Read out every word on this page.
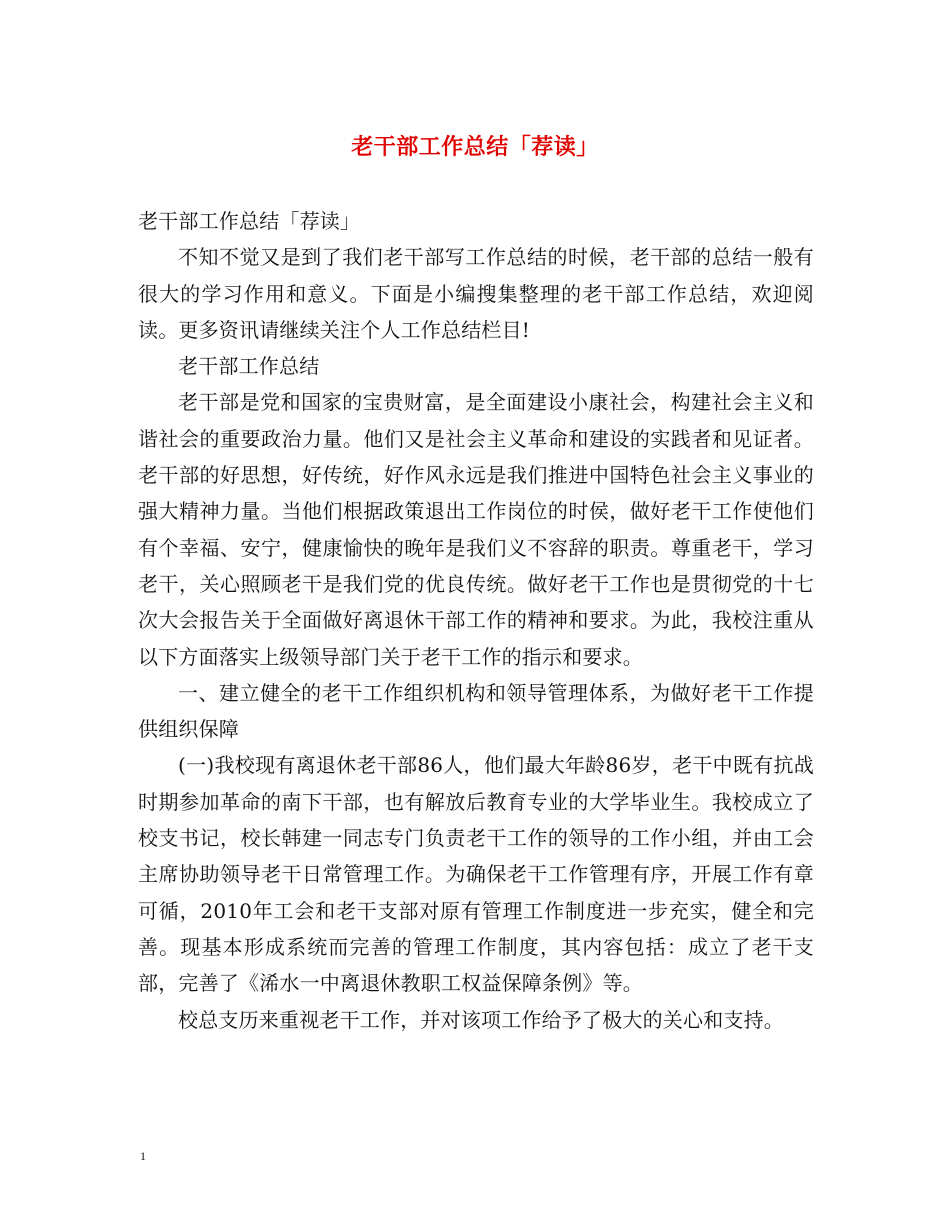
老干部工作总结「荐读」

老干部工作总结「荐读」

不知不觉又是到了我们老干部写工作总结的时候，老干部的总结一般有很大的学习作用和意义。下面是小编搜集整理的老干部工作总结，欢迎阅读。更多资讯请继续关注个人工作总结栏目!

老干部工作总结

老干部是党和国家的宝贵财富，是全面建设小康社会，构建社会主义和谐社会的重要政治力量。他们又是社会主义革命和建设的实践者和见证者。老干部的好思想，好传统，好作风永远是我们推进中国特色社会主义事业的强大精神力量。当他们根据政策退出工作岗位的时侯，做好老干工作使他们有个幸福、安宁，健康愉快的晚年是我们义不容辞的职责。尊重老干，学习老干，关心照顾老干是我们党的优良传统。做好老干工作也是贯彻党的十七次大会报告关于全面做好离退休干部工作的精神和要求。为此，我校注重从以下方面落实上级领导部门关于老干工作的指示和要求。

一、建立健全的老干工作组织机构和领导管理体系，为做好老干工作提供组织保障

(一)我校现有离退休老干部86人，他们最大年龄86岁，老干中既有抗战时期参加革命的南下干部，也有解放后教育专业的大学毕业生。我校成立了校支书记，校长韩建一同志专门负责老干工作的领导的工作小组，并由工会主席协助领导老干日常管理工作。为确保老干工作管理有序，开展工作有章可循，2010年工会和老干支部对原有管理工作制度进一步充实，健全和完善。现基本形成系统而完善的管理工作制度，其内容包括：成立了老干支部，完善了《浠水一中离退休教职工权益保障条例》等。

校总支历来重视老干工作，并对该项工作给予了极大的关心和支持。

1
